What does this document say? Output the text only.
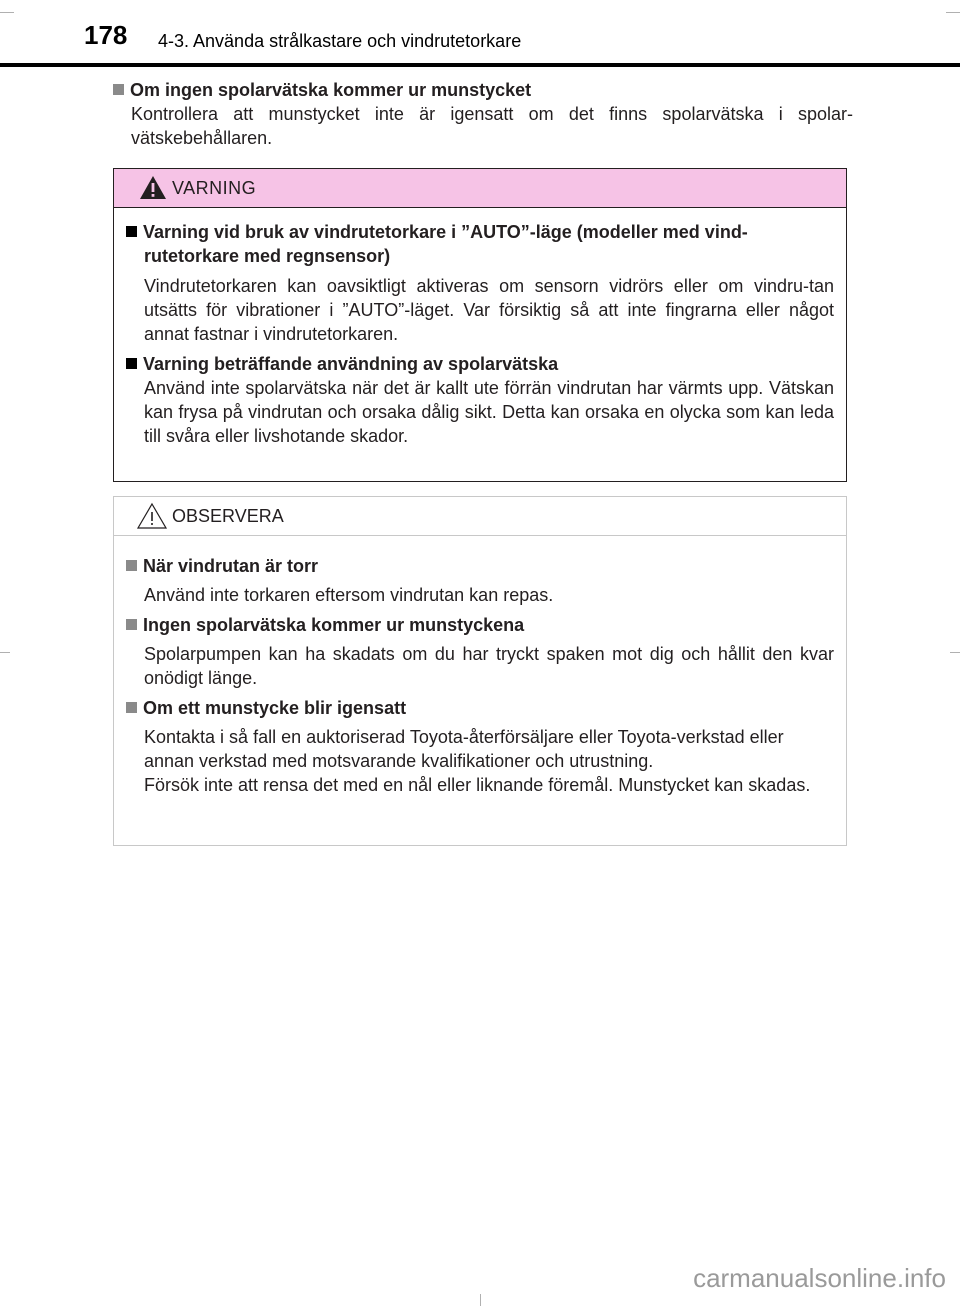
178 4-3. Använda strålkastare och vindrutetorkare
Om ingen spolarvätska kommer ur munstycket
Kontrollera att munstycket inte är igensatt om det finns spolarvätska i spolar-vätskebehållaren.
VARNING
Varning vid bruk av vindrutetorkare i ”AUTO”-läge (modeller med vind-rutetorkare med regnsensor)
Vindrutetorkaren kan oavsiktligt aktiveras om sensorn vidrörs eller om vindru-tan utsätts för vibrationer i ”AUTO”-läget. Var försiktig så att inte fingrarna eller något annat fastnar i vindrutetorkaren.
Varning beträffande användning av spolarvätska
Använd inte spolarvätska när det är kallt ute förrän vindrutan har värmts upp. Vätskan kan frysa på vindrutan och orsaka dålig sikt. Detta kan orsaka en olycka som kan leda till svåra eller livshotande skador.
OBSERVERA
När vindrutan är torr
Använd inte torkaren eftersom vindrutan kan repas.
Ingen spolarvätska kommer ur munstyckena
Spolarpumpen kan ha skadats om du har tryckt spaken mot dig och hållit den kvar onödigt länge.
Om ett munstycke blir igensatt
Kontakta i så fall en auktoriserad Toyota-återförsäljare eller Toyota-verkstad eller annan verkstad med motsvarande kvalifikationer och utrustning.
Försök inte att rensa det med en nål eller liknande föremål. Munstycket kan skadas.
carmanualsonline.info
